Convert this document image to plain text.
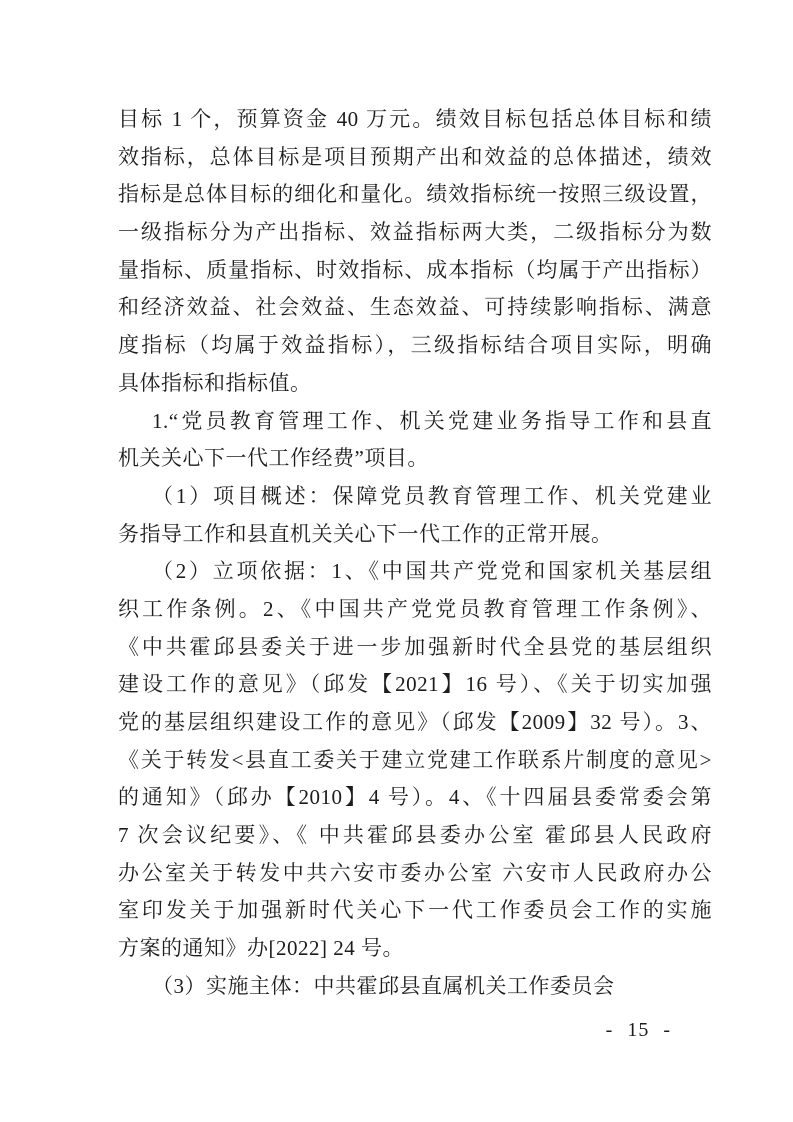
目标 1 个，预算资金 40 万元。绩效目标包括总体目标和绩
效指标，总体目标是项目预期产出和效益的总体描述，绩效
指标是总体目标的细化和量化。绩效指标统一按照三级设置，
一级指标分为产出指标、效益指标两大类，二级指标分为数
量指标、质量指标、时效指标、成本指标（均属于产出指标）
和经济效益、社会效益、生态效益、可持续影响指标、满意
度指标（均属于效益指标），三级指标结合项目实际，明确
具体指标和指标值。
1.“党员教育管理工作、机关党建业务指导工作和县直
机关关心下一代工作经费”项目。
（1）项目概述：保障党员教育管理工作、机关党建业
务指导工作和县直机关关心下一代工作的正常开展。
（2）立项依据：1、《中国共产党党和国家机关基层组
织工作条例。2、《中国共产党党员教育管理工作条例》、
《中共霍邱县委关于进一步加强新时代全县党的基层组织
建设工作的意见》（邱发【2021】16 号）、《关于切实加强
党的基层组织建设工作的意见》（邱发【2009】32 号）。3、
《关于转发<县直工委关于建立党建工作联系片制度的意见>
的通知》（邱办【2010】4 号）。4、《十四届县委常委会第
7 次会议纪要》、《 中共霍邱县委办公室 霍邱县人民政府
办公室关于转发中共六安市委办公室 六安市人民政府办公
室印发关于加强新时代关心下一代工作委员会工作的实施
方案的通知》办[2022] 24 号。
（3）实施主体：中共霍邱县直属机关工作委员会
- 15 -
